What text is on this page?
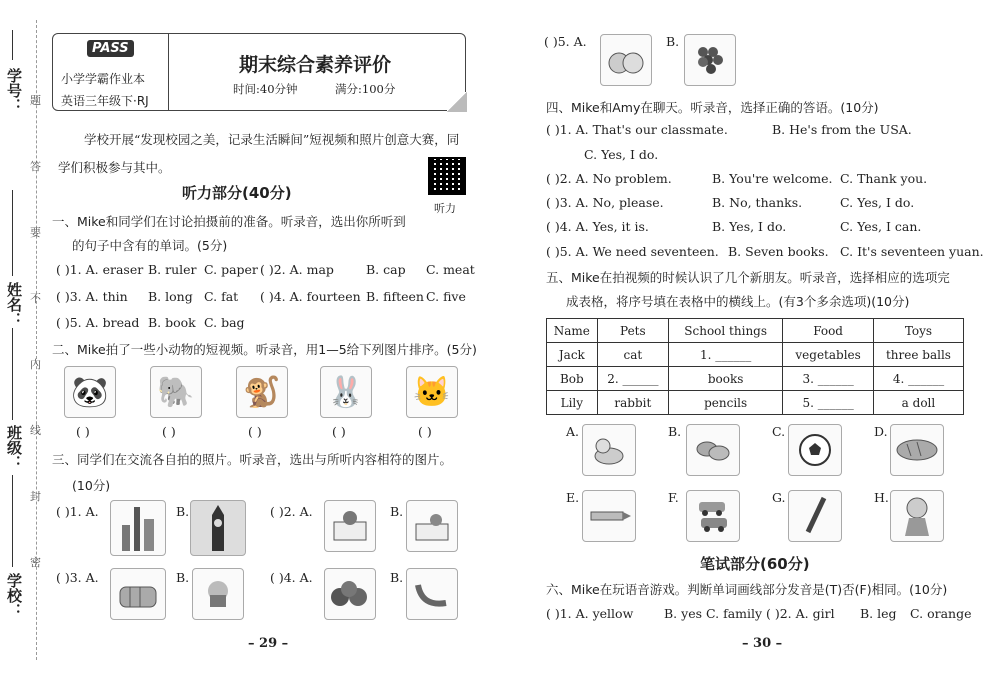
学号：
姓名：
班级：
学校：
题
答
要
不
内
线
封
密
PASS
小学学霸作业本
英语三年级下·RJ
期末综合素养评价
时间:40分钟	满分:100分
学校开展“发现校园之美，记录生活瞬间”短视频和照片创意大赛，同
学们积极参与其中。
听力
听力部分(40分)
一、Mike和同学们在讨论拍摄前的准备。听录音，选出你所听到
的句子中含有的单词。(5分)
( )1. A. eraser B. ruler C. paper ( )2. A. map	B. cap C. meat
( )3. A. thin B. long C. fat ( )4. A. fourteen B. fifteen C. five
( )5. A. bread B. book C. bag
二、Mike拍了一些小动物的短视频。听录音，用1—5给下列图片排序。(5分)
🐼 🐘 🐒 🐰 🐱
( )	( )	( )	( )	( )
三、同学们在交流各自拍的照片。听录音，选出与所听内容相符的图片。
(10分)
( )1. A.	B.	( )2. A.	B.
( )3. A.	B.	( )4. A.	B.
– 29 –
( )5. A.	B.
四、Mike和Amy在聊天。听录音，选择正确的答语。(10分)
( )1. A. That's our classmate.	B. He's from the USA.
C. Yes, I do.
( )2. A. No problem.	B. You're welcome. C. Thank you.
( )3. A. No, please.	B. No, thanks.	C. Yes, I do.
( )4. A. Yes, it is.	B. Yes, I do.	C. Yes, I can.
( )5. A. We need seventeen. B. Seven books. C. It's seventeen yuan.
五、Mike在拍视频的时候认识了几个新朋友。听录音，选择相应的选项完
成表格，将序号填在表格中的横线上。(有3个多余选项)(10分)
Name	Pets	School things	Food	Toys
Jack	cat	1. ______	vegetables	three balls
Bob	2. ______	books	3. ______	4. ______
Lily	rabbit	pencils	5. ______	a doll
A.	B.	C.	D.
E.	F.	G.	H.
笔试部分(60分)
六、Mike在玩语音游戏。判断单词画线部分发音是(T)否(F)相同。(10分)
( )1. A. yellow B. yes C. family ( )2. A. girl B. leg C. orange
– 30 –
